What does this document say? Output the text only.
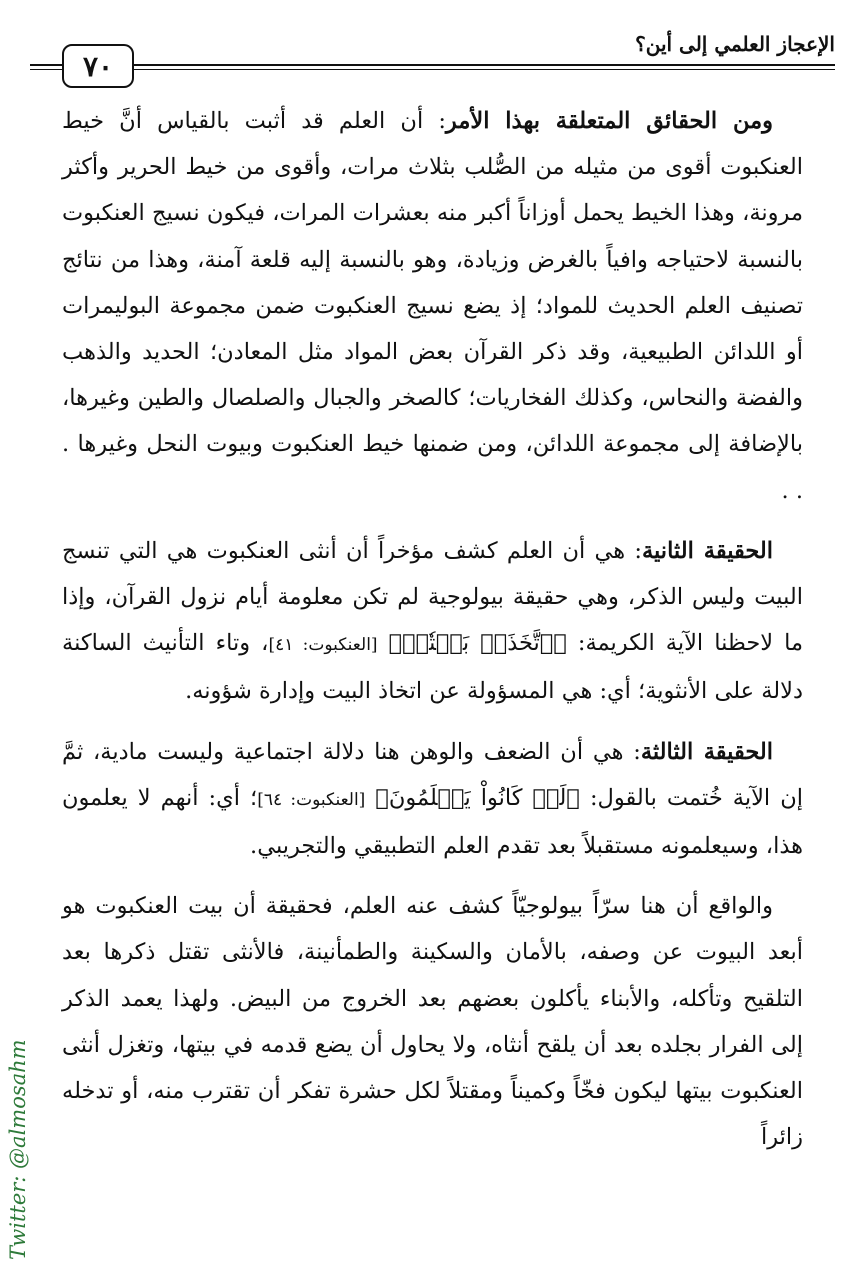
الإعجاز العلمي إلى أين؟
٧٠

ومن الحقائق المتعلقة بهذا الأمر: أن العلم قد أثبت بالقياس أنَّ خيط العنكبوت أقوى من مثيله من الصُّلب بثلاث مرات، وأقوى من خيط الحرير وأكثر مرونة، وهذا الخيط يحمل أوزاناً أكبر منه بعشرات المرات، فيكون نسيج العنكبوت بالنسبة لاحتياجه وافياً بالغرض وزيادة، وهو بالنسبة إليه قلعة آمنة، وهذا من نتائج تصنيف العلم الحديث للمواد؛ إذ يضع نسيج العنكبوت ضمن مجموعة البوليمرات أو اللدائن الطبيعية، وقد ذكر القرآن بعض المواد مثل المعادن؛ الحديد والذهب والفضة والنحاس، وكذلك الفخاريات؛ كالصخر والجبال والصلصال والطين وغيرها، بالإضافة إلى مجموعة اللدائن، ومن ضمنها خيط العنكبوت وبيوت النحل وغيرها . . .

الحقيقة الثانية: هي أن العلم كشف مؤخراً أن أنثى العنكبوت هي التي تنسج البيت وليس الذكر، وهي حقيقة بيولوجية لم تكن معلومة أيام نزول القرآن، وإذا ما لاحظنا الآية الكريمة: ﴿ٱتَّخَذَتۡ بَيۡتٗاۖ﴾ [العنكبوت: ٤١]، وتاء التأنيث الساكنة دلالة على الأنثوية؛ أي: هي المسؤولة عن اتخاذ البيت وإدارة شؤونه.

الحقيقة الثالثة: هي أن الضعف والوهن هنا دلالة اجتماعية وليست مادية، ثمَّ إن الآية خُتمت بالقول: ﴿لَوۡ كَانُواْ يَعۡلَمُونَ﴾ [العنكبوت: ٦٤]؛ أي: أنهم لا يعلمون هذا، وسيعلمونه مستقبلاً بعد تقدم العلم التطبيقي والتجريبي.

والواقع أن هنا سرّاً بيولوجيّاً كشف عنه العلم، فحقيقة أن بيت العنكبوت هو أبعد البيوت عن وصفه، بالأمان والسكينة والطمأنينة، فالأنثى تقتل ذكرها بعد التلقيح وتأكله، والأبناء يأكلون بعضهم بعد الخروج من البيض. ولهذا يعمد الذكر إلى الفرار بجلده بعد أن يلقح أنثاه، ولا يحاول أن يضع قدمه في بيتها، وتغزل أنثى العنكبوت بيتها ليكون فخّاً وكميناً ومقتلاً لكل حشرة تفكر أن تقترب منه، أو تدخله زائراً

Twitter: @almosahm
